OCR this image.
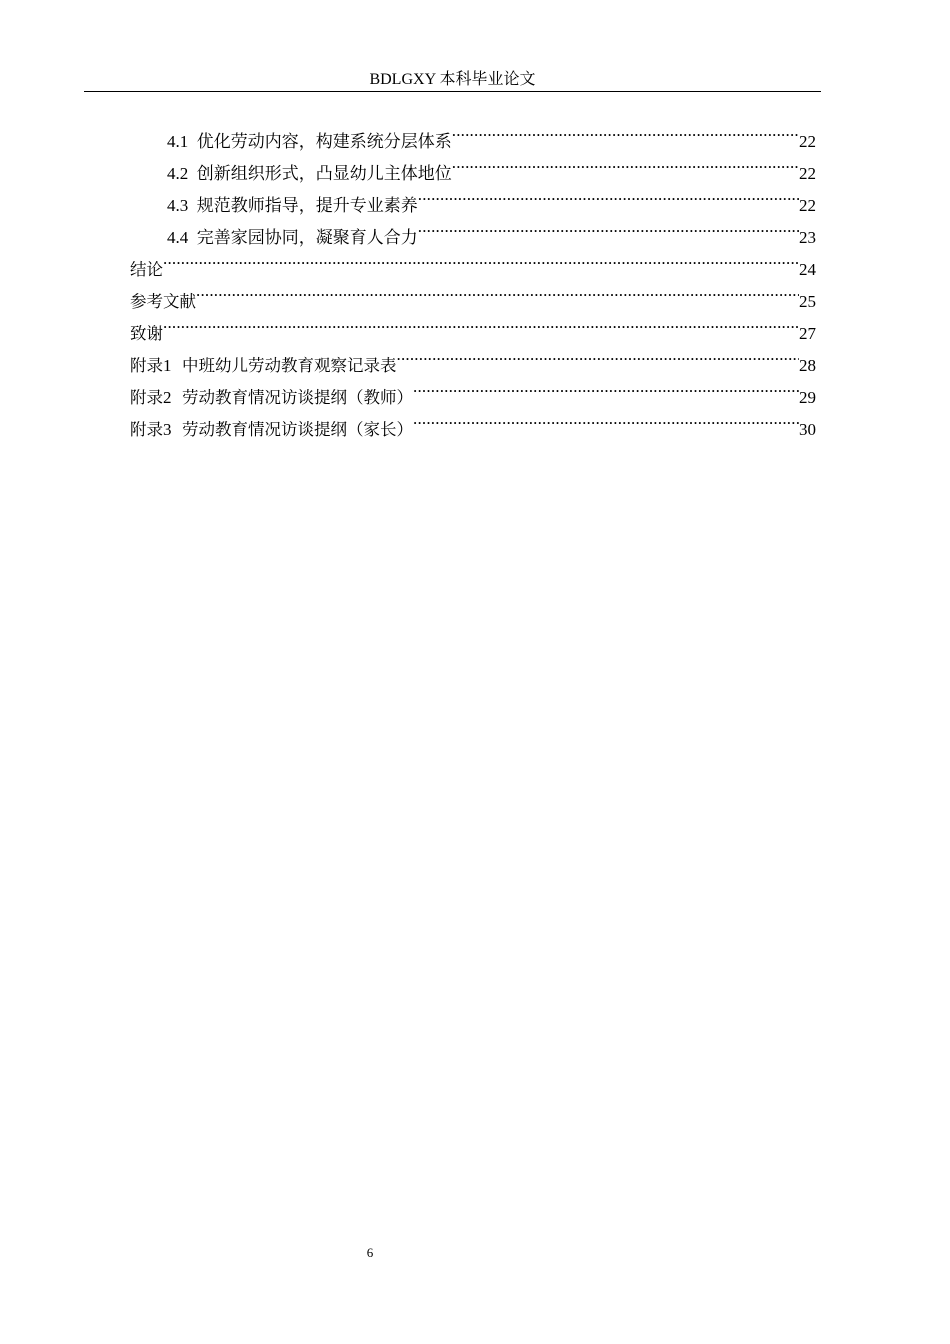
BDLGXY 本科毕业论文
4.1 优化劳动内容，构建系统分层体系 .....	22
4.2 创新组织形式，凸显幼儿主体地位 .....	22
4.3 规范教师指导，提升专业素养 .....	22
4.4 完善家园协同，凝聚育人合力 .....	23
结论 .....	24
参考文献 .....	25
致谢 .....	27
附录1 中班幼儿劳动教育观察记录表 .....	28
附录2 劳动教育情况访谈提纲（教师） .....	29
附录3 劳动教育情况访谈提纲（家长） .....	30
6
